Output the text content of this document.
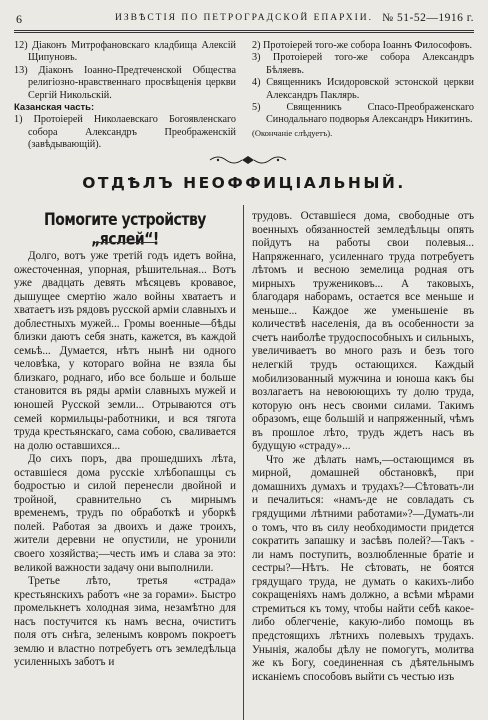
6	ИЗВѢСТІЯ ПО ПЕТРОГРАДСКОЙ ЕПАРХІИ. № 51-52—1916 г.

12) Діаконъ Митрофановскаго кладбища Алексій Щипуновъ.

13) Діаконъ Іоанно-Предтеченской Общества религіозно-нравственнаго просвѣщенія церкви Сергій Никольскій.

Казанская часть:

1) Протоіерей Николаевскаго Богоявленскаго собора Александръ Преображенскій (завѣдывающій).

2) Протоіерей того-же собора Іоаннъ Философовъ.

3) Протоіерей того-же собора Александръ Бѣляевъ.

4) Священникъ Исидоровской эстонской церкви Александръ Паклярь.

5) Священникъ Спасо-Преображенскаго Синодальнаго подворья Александръ Никитинъ.

(Окончаніе слѣдуетъ).

ОТДѢЛЪ НЕОФФИЦІАЛЬНЫЙ.
Помогите устройству „яслей“!

Долго, вотъ уже третій годъ идетъ война, ожесточенная, упорная, рѣшительная... Вотъ уже двадцать девять мѣсяцевъ кровавое, дышущее смертію жало войны хватаетъ и хватаетъ изъ рядовъ русской арміи славныхъ и доблестныхъ мужей... Громы военные—бѣды близки даютъ себя знать, кажется, въ каждой семьѣ... Думается, нѣтъ нынѣ ни одного человѣка, у котораго война не взяла бы близкаго, роднаго, ибо все больше и больше становится въ ряды арміи славныхъ мужей и юношей Русской земли... Отрываются отъ семей кормильцы-работники, и вся тягота труда крестьянскаго, сама собою, сваливается на долю оставшихся...

До сихъ поръ, два прошедшихъ лѣта, оставшіеся дома русскіе хлѣбопашцы съ бодростью и силой перенесли двойной и тройной, сравнительно съ мирнымъ временемъ, трудъ по обработкѣ и уборкѣ полей. Работая за двоихъ и даже троихъ, жители деревни не опустили, не уронили своего хозяйства;—честь имъ и слава за это: великой важности задачу они выполнили.

Третье лѣто, третья «страда» крестьянскихъ работъ «не за горами». Быстро промелькнетъ холодная зима, незамѣтно для насъ постучится къ намъ весна, очиститъ поля отъ снѣга, зеленымъ ковромъ покроетъ землю и властно потребуетъ отъ земледѣльца усиленныхъ заботъ и

трудовъ. Оставшіеся дома, свободные отъ военныхъ обязанностей земледѣльцы опять пойдутъ на работы свои полевыя... Напряженнаго, усиленнаго труда потребуетъ лѣтомъ и весною земелица родная отъ мирныхъ тружениковъ... А таковыхъ, благодаря наборамъ, остается все меньше и меньше... Каждое же уменьшеніе въ количествѣ населенія, да въ особенности за счетъ наиболѣе трудоспособныхъ и сильныхъ, увеличиваетъ во много разъ и безъ того нелегкій трудъ остающихся. Каждый мобилизованный мужчина и юноша какъ бы возлагаетъ на невоюющихъ ту долю труда, которую онъ несъ своими силами. Такимъ образомъ, еще большій и напряженный, чѣмъ въ прошлое лѣто, трудъ ждетъ насъ въ будущую «страду»...

Что же дѣлать намъ,—остающимся въ мирной, домашней обстановкѣ, при домашнихъ думахъ и трудахъ?—Сѣтовать-ли и печалиться: «намъ-де не совладать съ грядущими лѣтними работами»?—Думать-ли о томъ, что въ силу необходимости придется сократить запашку и засѣвъ полей?—Такъ - ли намъ поступить, возлюбленные братіе и сестры?—Нѣтъ. Не сѣтовать, не боятся грядущаго труда, не думать о какихъ-либо сокращеніяхъ намъ должно, а всѣми мѣрами стремиться къ тому, чтобы найти себѣ какое-либо облегченіе, какую-либо помощь въ предстоящихъ лѣтнихъ полевыхъ трудахъ. Унынія, жалобы дѣлу не помогутъ, молитва же къ Богу, соединенная съ дѣятельнымъ исканіемъ способовъ выйти съ честью изъ
